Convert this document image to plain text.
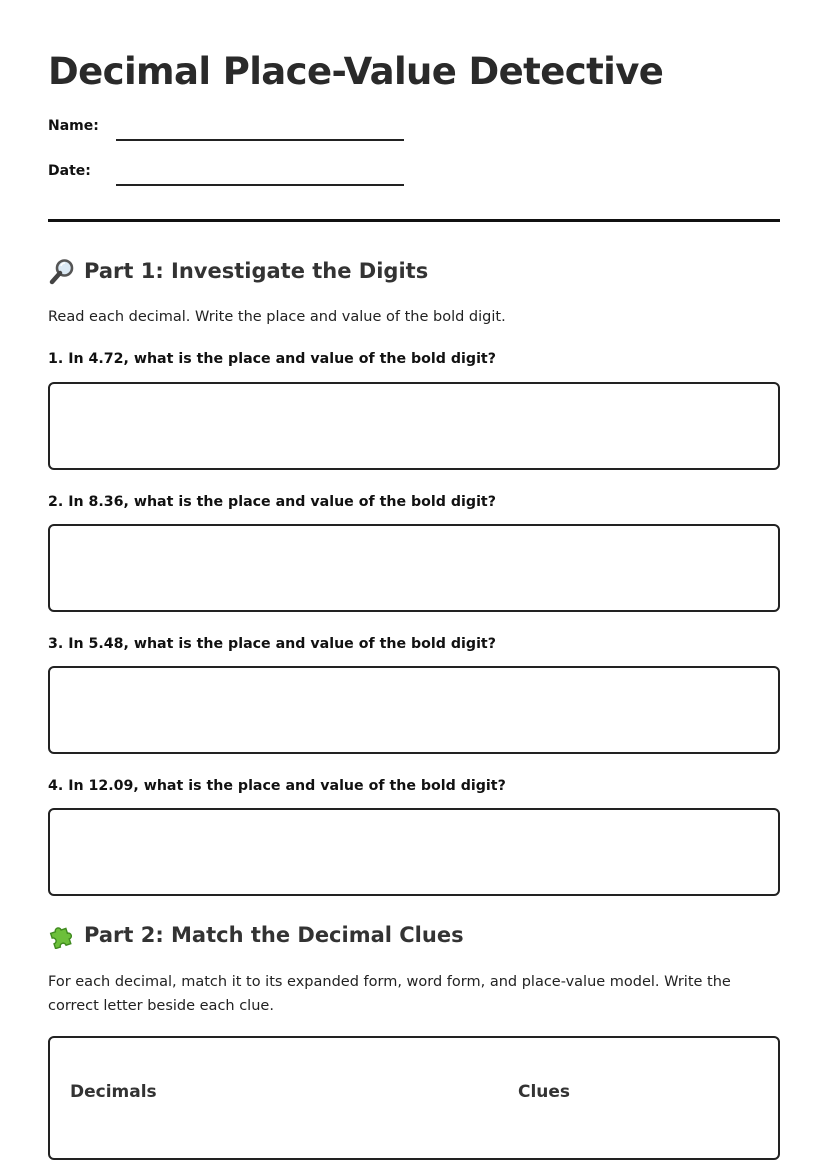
Decimal Place-Value Detective
Name:
Date:
Part 1: Investigate the Digits
Read each decimal. Write the place and value of the bold digit.
1. In 4.72, what is the place and value of the bold digit?
2. In 8.36, what is the place and value of the bold digit?
3. In 5.48, what is the place and value of the bold digit?
4. In 12.09, what is the place and value of the bold digit?
Part 2: Match the Decimal Clues
For each decimal, match it to its expanded form, word form, and place-value model. Write the correct letter beside each clue.
Decimals	Clues
